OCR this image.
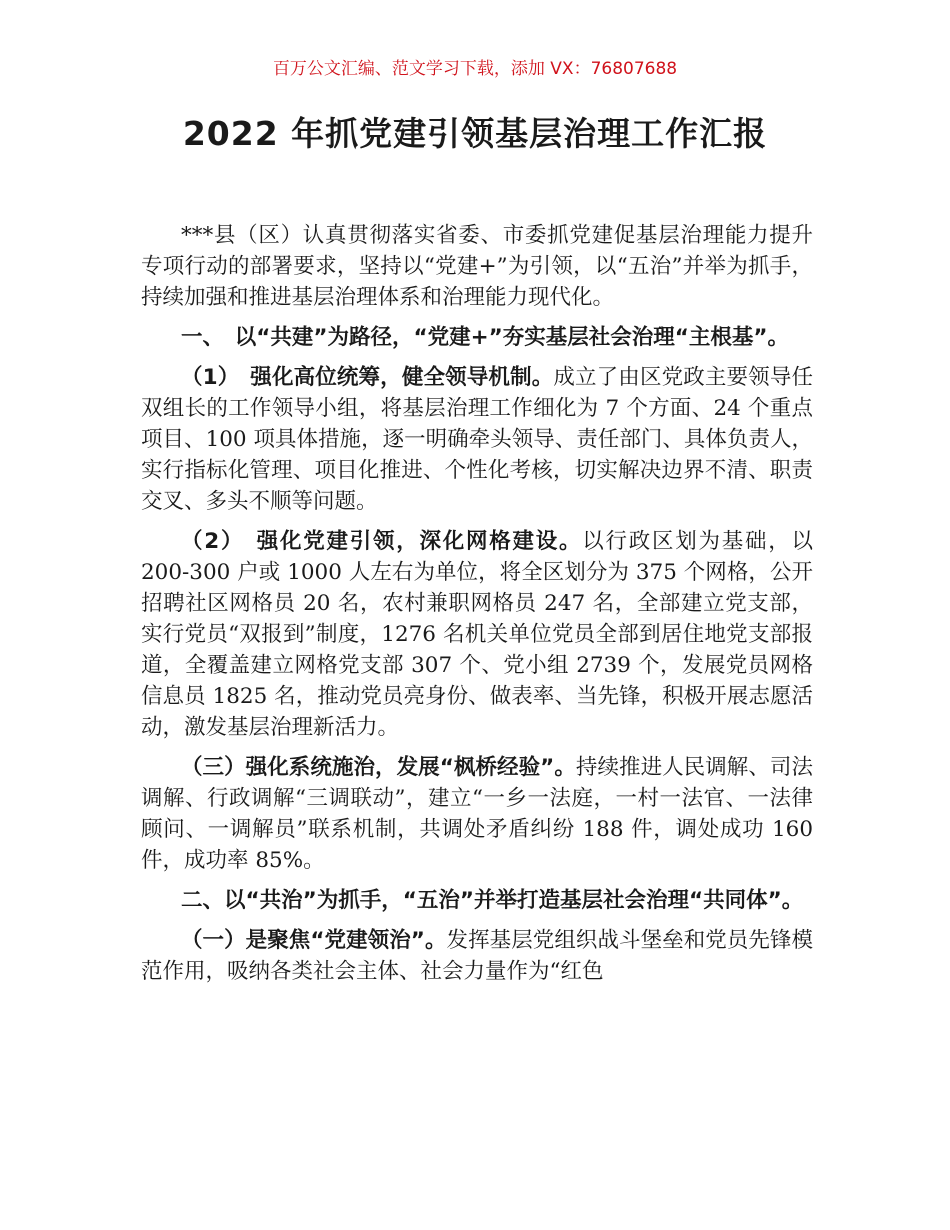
百万公文汇编、范文学习下载，添加 VX：76807688
2022 年抓党建引领基层治理工作汇报

***县（区）认真贯彻落实省委、市委抓党建促基层治理能力提升专项行动的部署要求，坚持以“党建+”为引领，以“五治”并举为抓手，持续加强和推进基层治理体系和治理能力现代化。

一、　以“共建”为路径，“党建+”夯实基层社会治理“主根基”。

（1）　强化高位统筹，健全领导机制。成立了由区党政主要领导任双组长的工作领导小组，将基层治理工作细化为 7 个方面、24 个重点项目、100 项具体措施，逐一明确牵头领导、责任部门、具体负责人，实行指标化管理、项目化推进、个性化考核，切实解决边界不清、职责交叉、多头不顺等问题。

（2）　强化党建引领，深化网格建设。以行政区划为基础，以 200-300 户或 1000 人左右为单位，将全区划分为 375 个网格，公开招聘社区网格员 20 名，农村兼职网格员 247 名，全部建立党支部，实行党员“双报到”制度，1276 名机关单位党员全部到居住地党支部报道，全覆盖建立网格党支部 307 个、党小组 2739 个，发展党员网格信息员 1825 名，推动党员亮身份、做表率、当先锋，积极开展志愿活动，激发基层治理新活力。

（三）强化系统施治，发展“枫桥经验”。持续推进人民调解、司法调解、行政调解“三调联动”，建立“一乡一法庭，一村一法官、一法律顾问、一调解员”联系机制，共调处矛盾纠纷 188 件，调处成功 160 件，成功率 85%。

二、以“共治”为抓手，“五治”并举打造基层社会治理“共同体”。

（一）是聚焦“党建领治”。发挥基层党组织战斗堡垒和党员先锋模范作用，吸纳各类社会主体、社会力量作为“红色
